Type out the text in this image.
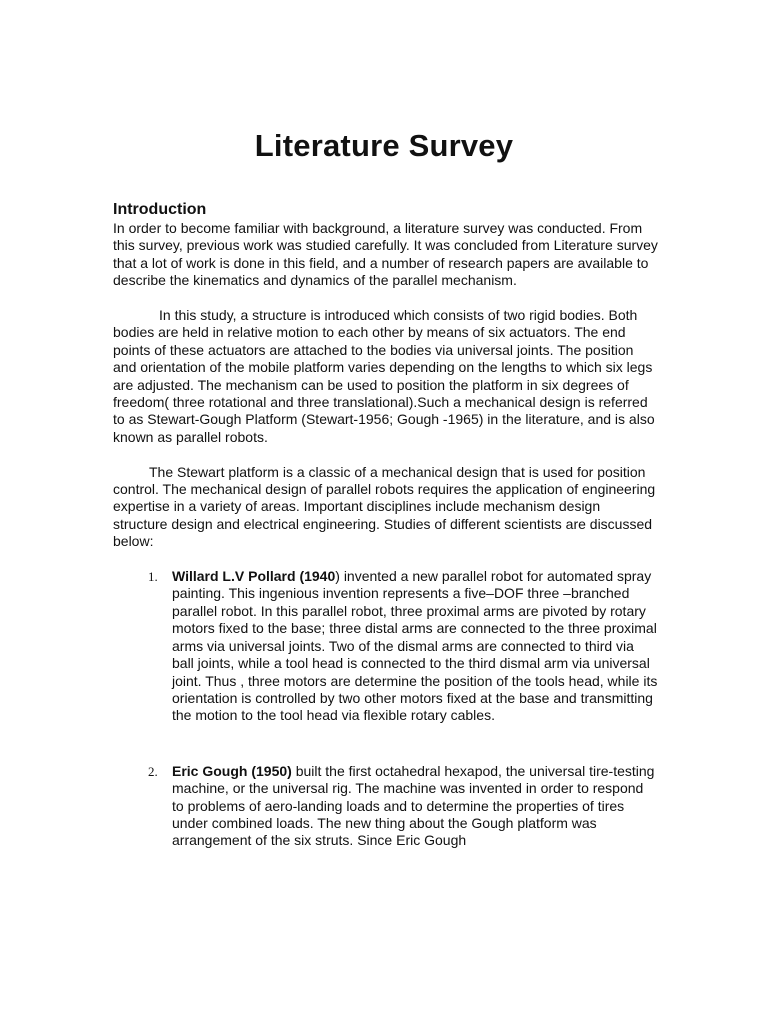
Literature Survey
Introduction

In order to become familiar with background, a literature survey was conducted. From this survey, previous work was studied carefully. It was concluded from Literature survey that a lot of work is done in this field, and a number of research papers are available to describe the kinematics and dynamics of the parallel mechanism.

In this study, a structure is introduced which consists of two rigid bodies. Both bodies are held in relative motion to each other by means of six actuators. The end points of these actuators are attached to the bodies via universal joints. The position and orientation of the mobile platform varies depending on the lengths to which six legs are adjusted. The mechanism can be used to position the platform in six degrees of freedom( three rotational and three translational).Such a mechanical design is referred to as Stewart-Gough Platform (Stewart-1956; Gough -1965) in the literature, and is also known as parallel robots.

The Stewart platform is a classic of a mechanical design that is used for position control. The mechanical design of parallel robots requires the application of engineering expertise in a variety of areas. Important disciplines include mechanism design structure design and electrical engineering. Studies of different scientists are discussed below:

1. Willard L.V Pollard (1940) invented a new parallel robot for automated spray painting. This ingenious invention represents a five–DOF three –branched parallel robot. In this parallel robot, three proximal arms are pivoted by rotary motors fixed to the base; three distal arms are connected to the three proximal arms via universal joints. Two of the dismal arms are connected to third via ball joints, while a tool head is connected to the third dismal arm via universal joint. Thus , three motors are determine the position of the tools head, while its orientation is controlled by two other motors fixed at the base and transmitting the motion to the tool head via flexible rotary cables.
2. Eric Gough (1950) built the first octahedral hexapod, the universal tire-testing machine, or the universal rig. The machine was invented in order to respond to problems of aero-landing loads and to determine the properties of tires under combined loads. The new thing about the Gough platform was arrangement of the six struts. Since Eric Gough
